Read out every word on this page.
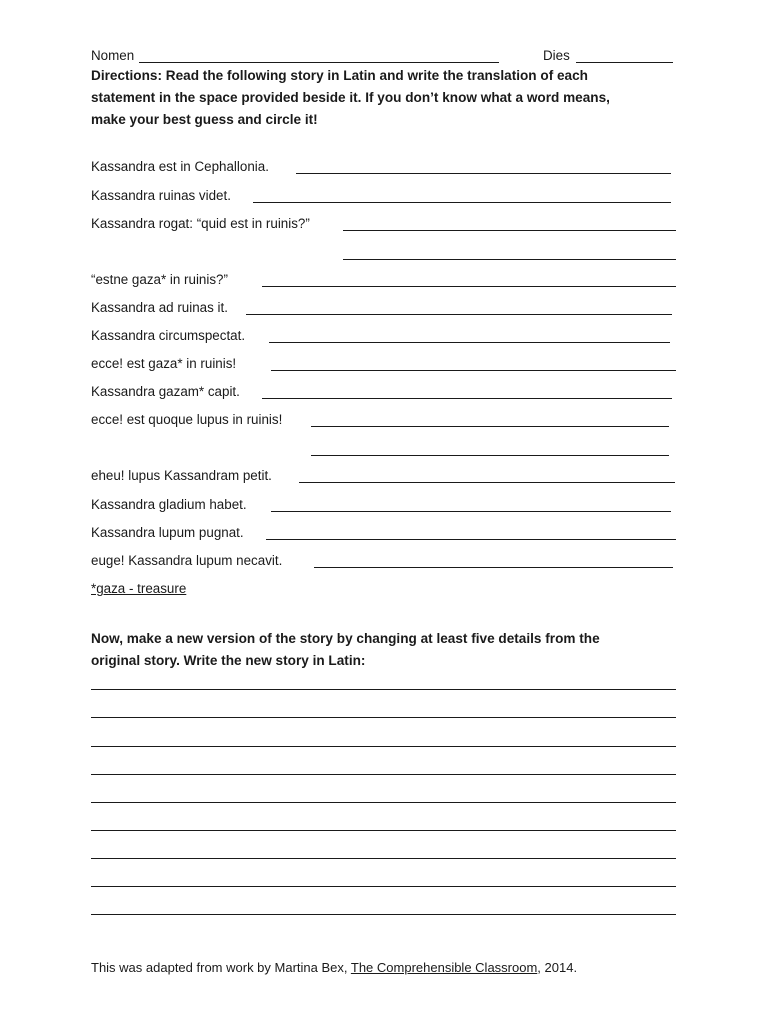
Nomen	Dies
Directions: Read the following story in Latin and write the translation of each
statement in the space provided beside it. If you don’t know what a word means,
make your best guess and circle it!
Kassandra est in Cephallonia.
Kassandra ruinas videt.
Kassandra rogat: “quid est in ruinis?”
“estne gaza* in ruinis?”
Kassandra ad ruinas it.
Kassandra circumspectat.
ecce! est gaza* in ruinis!
Kassandra gazam* capit.
ecce! est quoque lupus in ruinis!
eheu! lupus Kassandram petit.
Kassandra gladium habet.
Kassandra lupum pugnat.
euge! Kassandra lupum necavit.
*gaza - treasure
Now, make a new version of the story by changing at least five details from the
original story. Write the new story in Latin:
This was adapted from work by Martina Bex, The Comprehensible Classroom, 2014.
